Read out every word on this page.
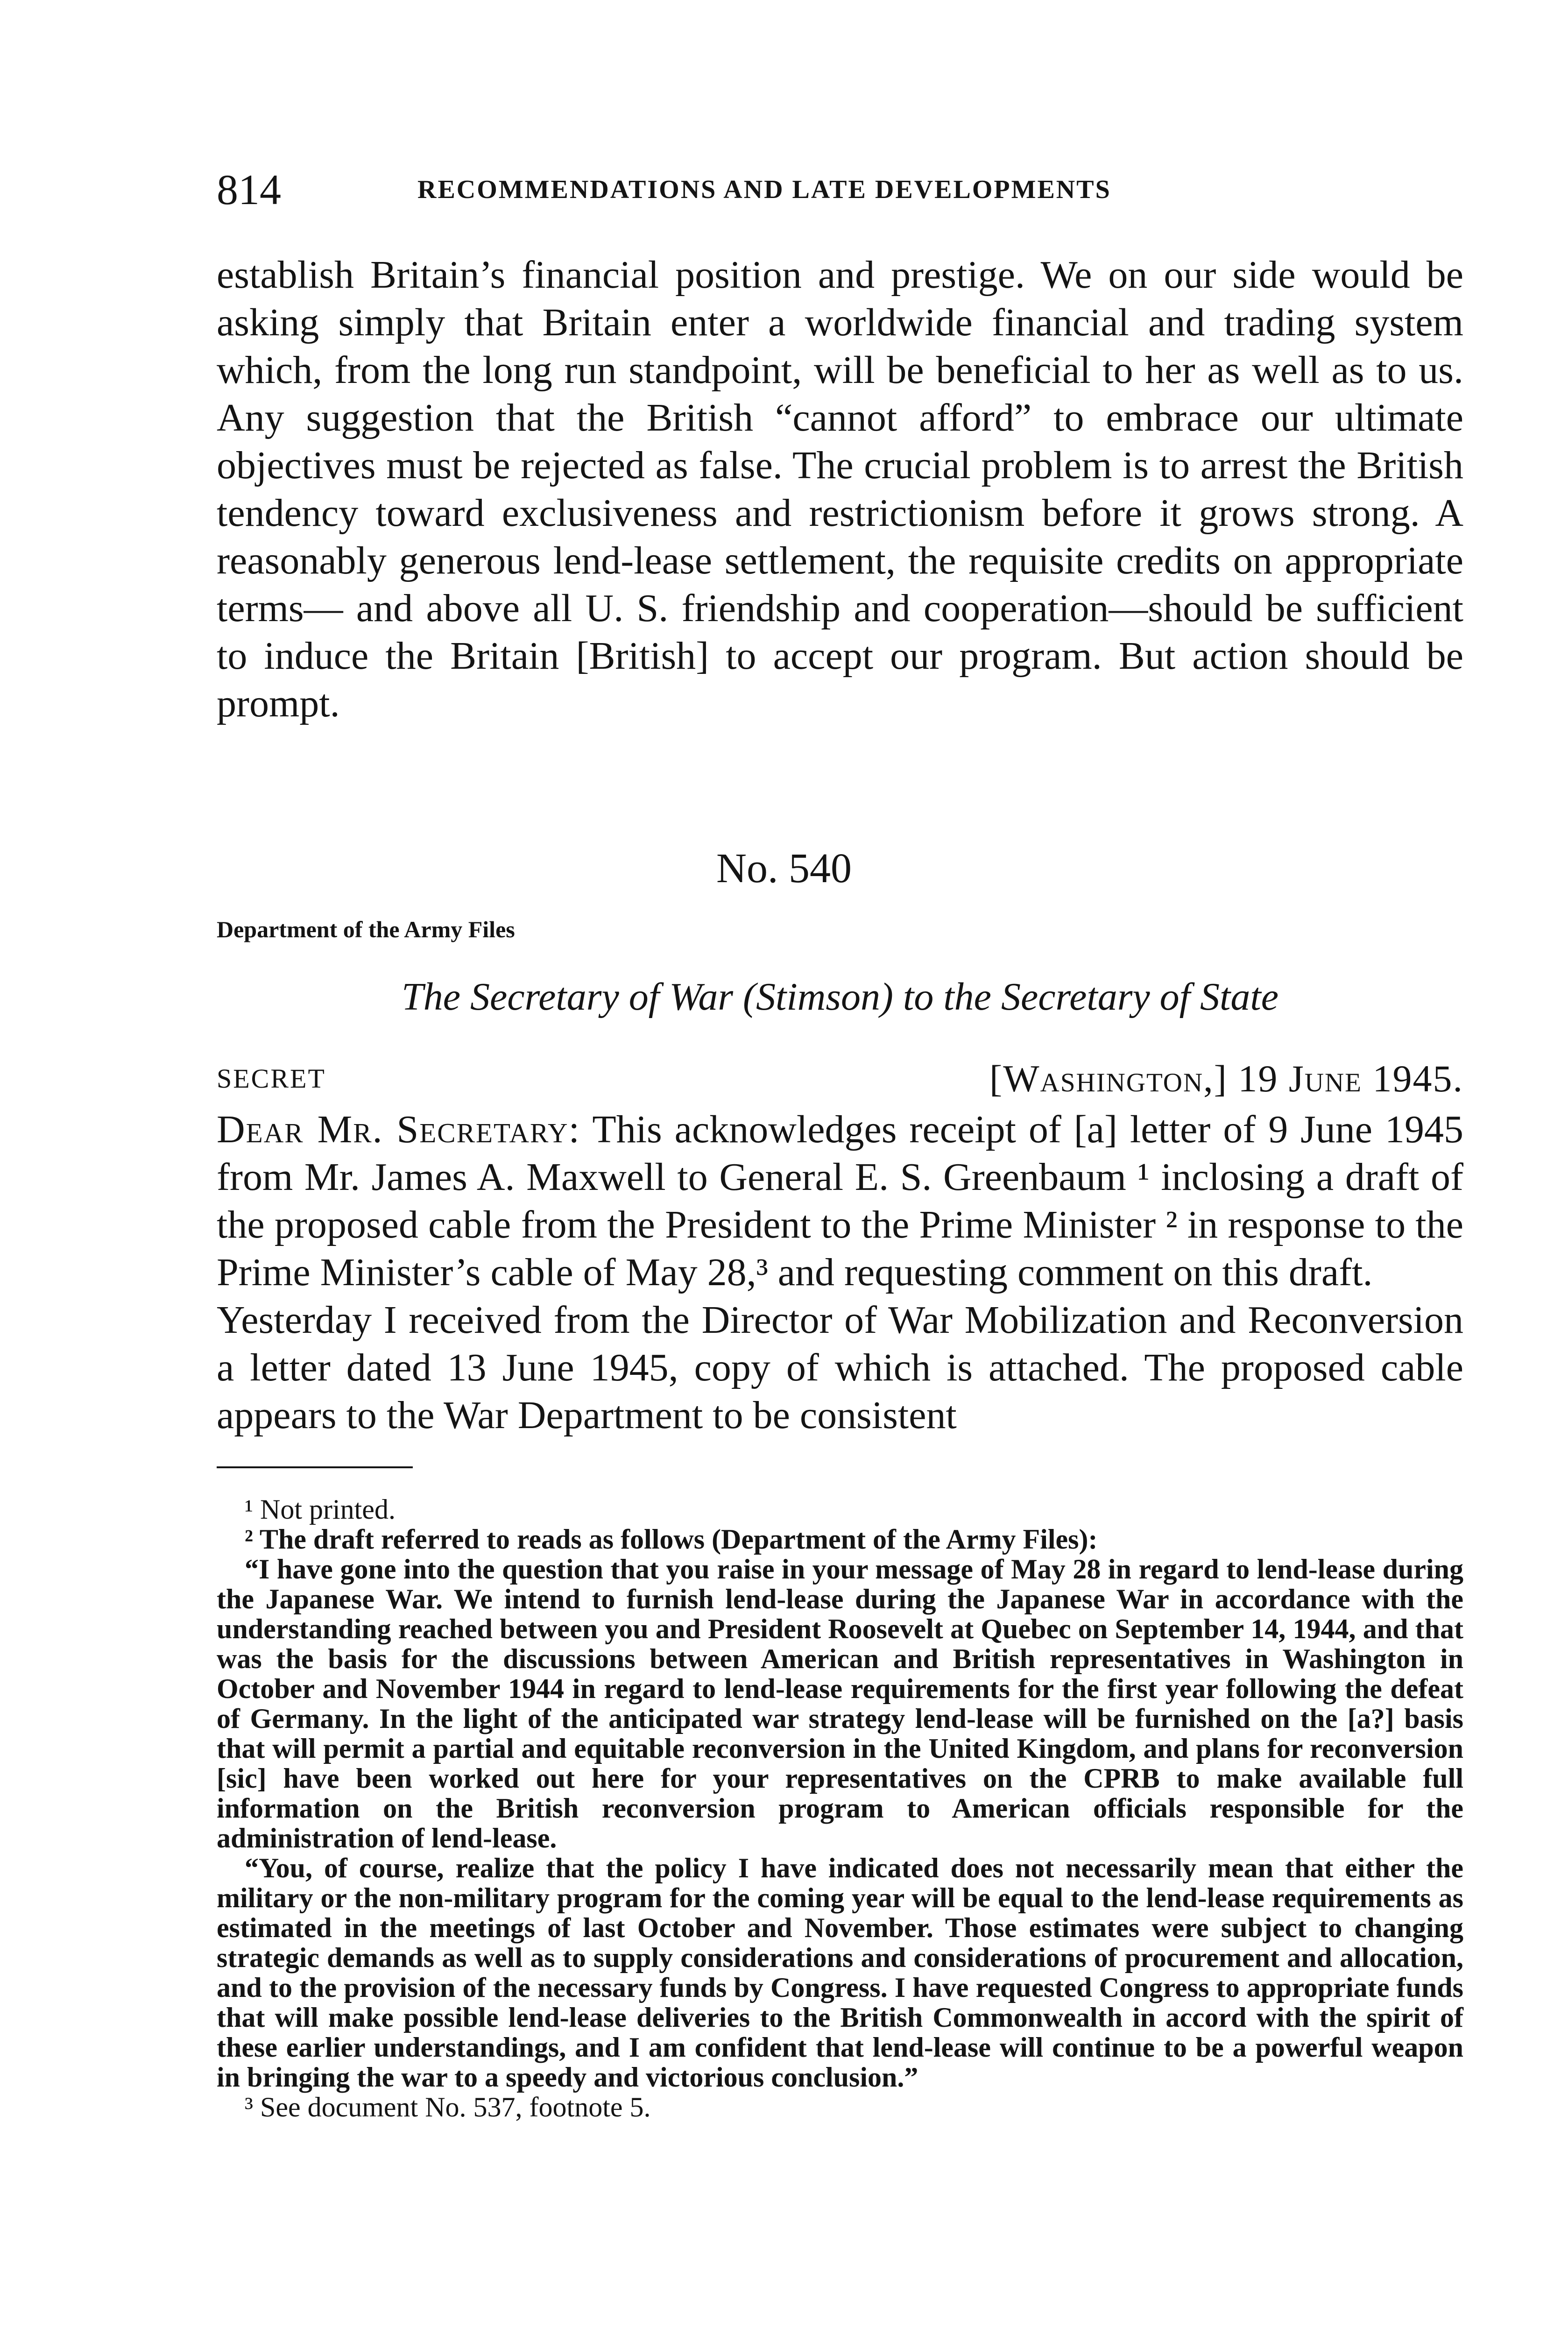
814	RECOMMENDATIONS AND LATE DEVELOPMENTS

establish Britain’s financial position and prestige. We on our side would be asking simply that Britain enter a worldwide financial and trading system which, from the long run standpoint, will be beneficial to her as well as to us. Any suggestion that the British “cannot afford” to embrace our ultimate objectives must be rejected as false. The crucial problem is to arrest the British tendency toward exclusiveness and restrictionism before it grows strong. A reasonably generous lend-lease settlement, the requisite credits on appropriate terms— and above all U. S. friendship and cooperation—should be sufficient to induce the Britain [British] to accept our program. But action should be prompt.

No. 540
Department of the Army Files
The Secretary of War (Stimson) to the Secretary of State
SECRET	[Washington,] 19 June 1945.

Dear Mr. Secretary: This acknowledges receipt of [a] letter of 9 June 1945 from Mr. James A. Maxwell to General E. S. Greenbaum ¹ inclosing a draft of the proposed cable from the President to the Prime Minister ² in response to the Prime Minister’s cable of May 28,³ and requesting comment on this draft.

Yesterday I received from the Director of War Mobilization and Reconversion a letter dated 13 June 1945, copy of which is attached. The proposed cable appears to the War Department to be consistent

¹ Not printed.

² The draft referred to reads as follows (Department of the Army Files):

“I have gone into the question that you raise in your message of May 28 in regard to lend-lease during the Japanese War. We intend to furnish lend-lease during the Japanese War in accordance with the understanding reached between you and President Roosevelt at Quebec on September 14, 1944, and that was the basis for the discussions between American and British representatives in Washington in October and November 1944 in regard to lend-lease requirements for the first year following the defeat of Germany. In the light of the anticipated war strategy lend-lease will be furnished on the [a?] basis that will permit a partial and equitable reconversion in the United Kingdom, and plans for reconversion [sic] have been worked out here for your representatives on the CPRB to make available full information on the British reconversion program to American officials responsible for the administration of lend-lease.

“You, of course, realize that the policy I have indicated does not necessarily mean that either the military or the non-military program for the coming year will be equal to the lend-lease requirements as estimated in the meetings of last October and November. Those estimates were subject to changing strategic demands as well as to supply considerations and considerations of procurement and allocation, and to the provision of the necessary funds by Congress. I have requested Congress to appropriate funds that will make possible lend-lease deliveries to the British Commonwealth in accord with the spirit of these earlier understandings, and I am confident that lend-lease will continue to be a powerful weapon in bringing the war to a speedy and victorious conclusion.”

³ See document No. 537, footnote 5.
